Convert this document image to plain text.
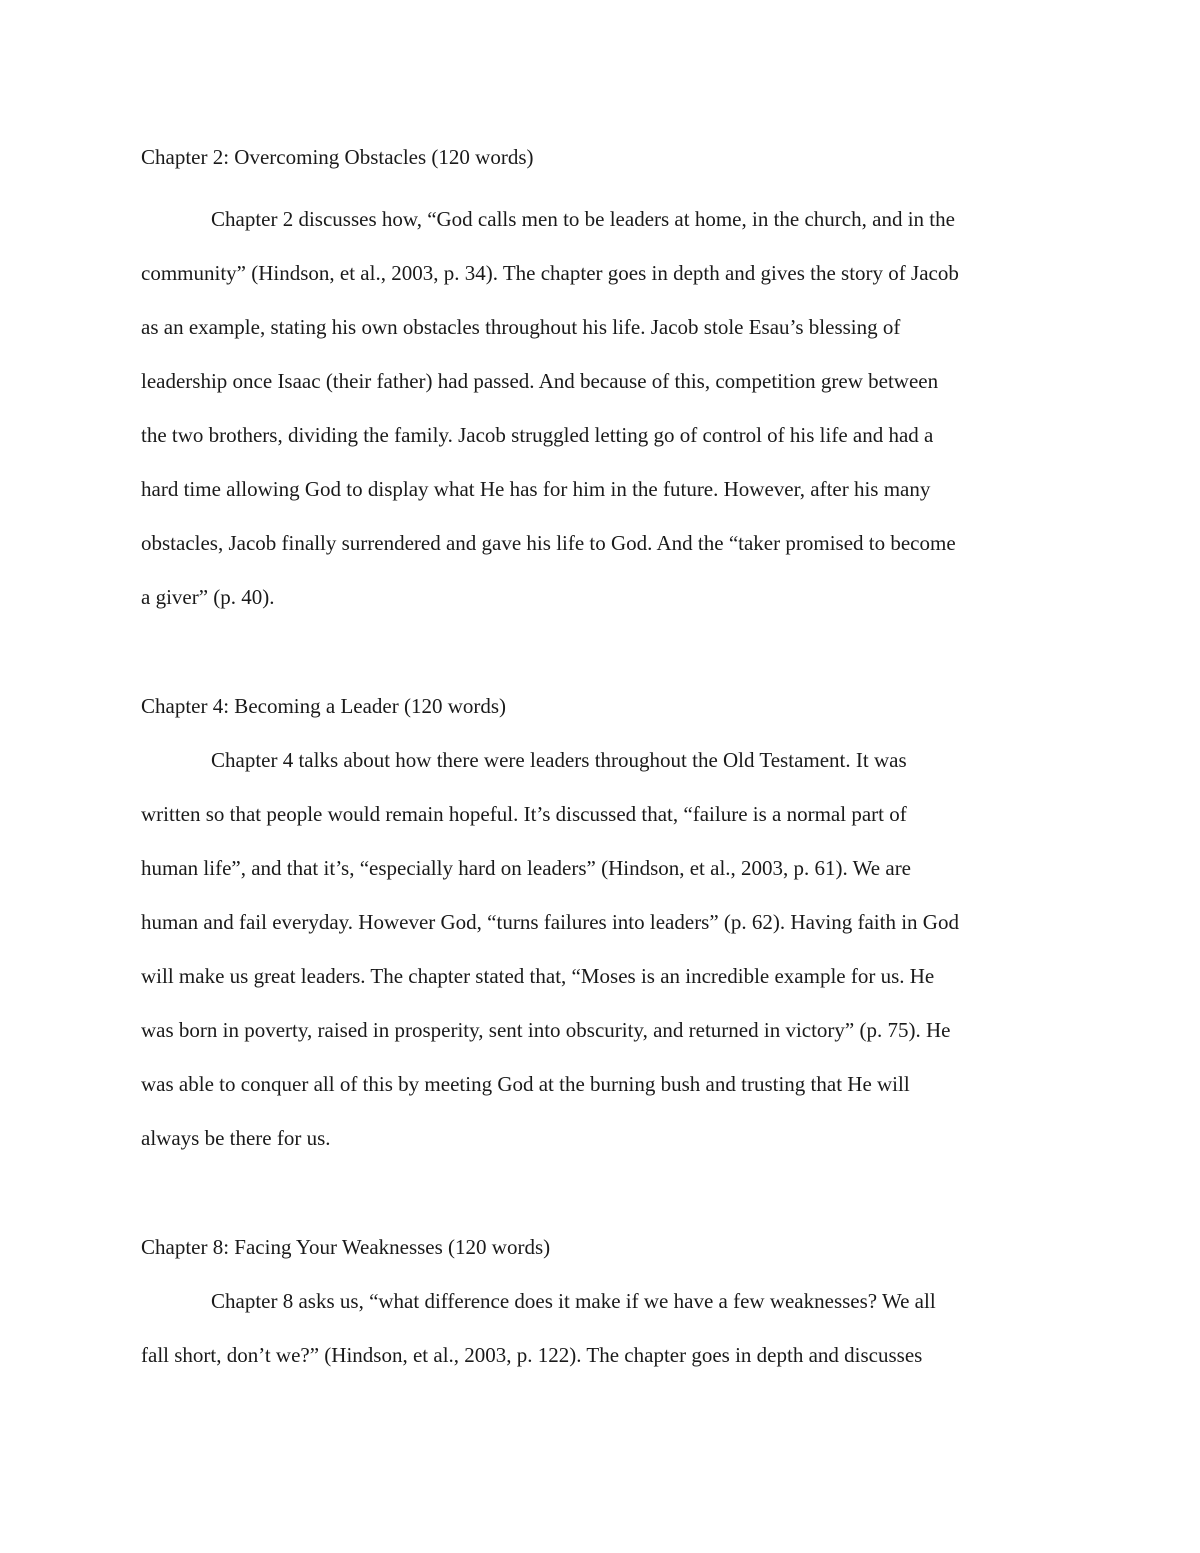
Chapter 2: Overcoming Obstacles (120 words)

Chapter 2 discusses how, “God calls men to be leaders at home, in the church, and in the

community” (Hindson, et al., 2003, p. 34). The chapter goes in depth and gives the story of Jacob

as an example, stating his own obstacles throughout his life. Jacob stole Esau’s blessing of

leadership once Isaac (their father) had passed. And because of this, competition grew between

the two brothers, dividing the family. Jacob struggled letting go of control of his life and had a

hard time allowing God to display what He has for him in the future. However, after his many

obstacles, Jacob finally surrendered and gave his life to God. And the “taker promised to become

a giver” (p. 40).

Chapter 4: Becoming a Leader (120 words)

Chapter 4 talks about how there were leaders throughout the Old Testament. It was

written so that people would remain hopeful. It’s discussed that, “failure is a normal part of

human life”, and that it’s, “especially hard on leaders” (Hindson, et al., 2003, p. 61). We are

human and fail everyday. However God, “turns failures into leaders” (p. 62). Having faith in God

will make us great leaders. The chapter stated that, “Moses is an incredible example for us. He

was born in poverty, raised in prosperity, sent into obscurity, and returned in victory” (p. 75). He

was able to conquer all of this by meeting God at the burning bush and trusting that He will

always be there for us.

Chapter 8: Facing Your Weaknesses (120 words)

Chapter 8 asks us, “what difference does it make if we have a few weaknesses? We all

fall short, don’t we?” (Hindson, et al., 2003, p. 122). The chapter goes in depth and discusses
